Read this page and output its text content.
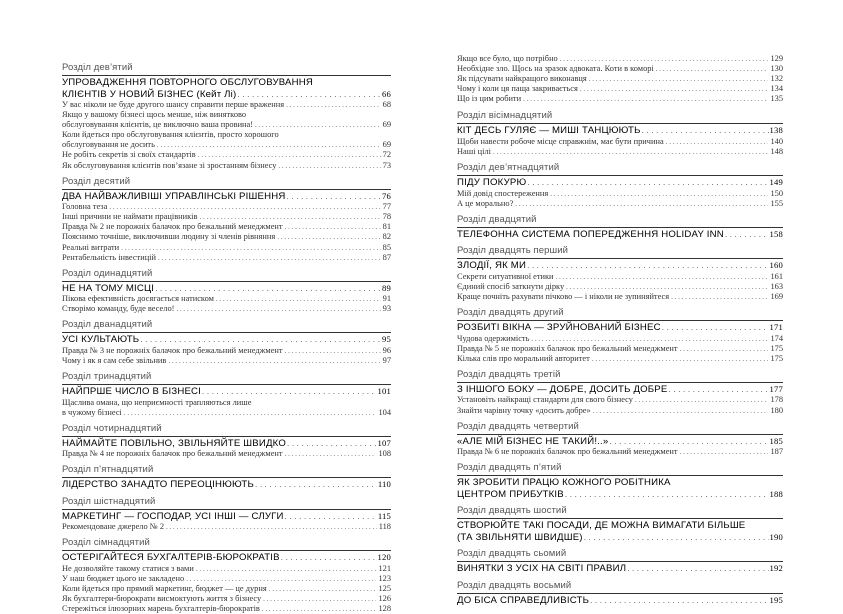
Розділ дев’ятий
УПРОВАДЖЕННЯ ПОВТОРНОГО ОБСЛУГОВУВАННЯ
КЛІЄНТІВ У НОВИЙ БІЗНЕС (Кейт Лі) . . .	66
У вас ніколи не буде другого шансу справити перше враження . . .	68
Якщо у вашому бізнесі щось менше, ніж винятково
обслуговування клієнтів, це виключно ваша провина! . . .	69
Коли йдеться про обслуговування клієнтів, просто хорошого
обслуговування не досить . . .	69
Не робіть секретів зі своїх стандартів . . .	72
Як обслуговування клієнтів пов’язане зі зростанням бізнесу . . .	73
Розділ десятий
ДВА НАЙВАЖЛИВІШІ УПРАВЛІНСЬКІ РІШЕННЯ . . .	76
Головна теза . . .	77
Інші причини не наймати працівників . . .	78
Правда № 2 не порожніх балачок про бежальний менеджмент . . .	81
Пояснимо точніше, виключивши людину зі членів рівняння . . .	82
Реальні витрати . . .	85
Рентабельність інвестицій . . .	87
Розділ одинадцятий
НЕ НА ТОМУ МІСЦІ . . .	89
Пікова ефективність досягається натиском . . .	91
Створімо команду, буде весело! . . .	93
Розділ дванадцятий
УСІ КУЛЬТАЮТЬ . . .	95
Правда № 3 не порожніх балачок про бежальний менеджмент . . .	96
Чому і як я сам себе звільнив . . .	97
Розділ тринадцятий
НАЙПРШЕ ЧИСЛО В БІЗНЕСІ . . .	101
Щаслива омана, що неприємності трапляються лише
в чужому бізнесі . . .	104
Розділ чотирнадцятий
НАЙМАЙТЕ ПОВІЛЬНО, ЗВІЛЬНЯЙТЕ ШВИДКО . . .	107
Правда № 4 не порожніх балачок про бежальний менеджмент . . .	108
Розділ п’ятнадцятий
ЛІДЕРСТВО ЗАНАДТО ПЕРЕОЦІНЮЮТЬ . . .	110
Розділ шістнадцятий
МАРКЕТИНГ — ГОСПОДАР, УСІ ІНШІ — СЛУГИ . . .	115
Рекомендоване джерело № 2 . . .	118
Розділ сімнадцятий
ОСТЕРІГАЙТЕСЯ БУХГАЛТЕРІВ-БЮРОКРАТІВ . . .	120
Не дозволяйте такому статися з вами . . .	121
У наш бюджет цього не закладено . . .	123
Коли йдеться про прямий маркетинг, бюджет — це дурня . . .	125
Як бухгалтери-бюрократи висмоктують життя з бізнесу . . .	126
Стережіться ілюзорних марень бухгалтерів-бюрократів . . .	128
Якщо все було, що потрібно . . .	129
Необхідне зло. Щось на зразок адвоката. Коти в коморі . . .	130
Як підсувати найкращого виконавця . . .	132
Чому і коли ця паща закривається . . .	134
Що із цим робити . . .	135
Розділ вісімнадцятий
КІТ ДЕСЬ ГУЛЯЄ — МИШІ ТАНЦЮЮТЬ . . .	138
Щоби навести робоче місце справжнім, має бути причина . . .	140
Наші цілі . . .	148
Розділ дев’ятнадцятий
ПІДУ ПОКУРЮ . . .	149
Мій довід спостереження . . .	150
А це морально? . . .	155
Розділ двадцятий
ТЕЛЕФОННА СИСТЕМА ПОПЕРЕДЖЕННЯ HOLIDAY INN . . .	158
Розділ двадцять перший
ЗЛОДІЇ, ЯК МИ . . .	160
Секрети ситуативної етики . . .	161
Єдиний спосіб заткнути дірку . . .	163
Краще почніть рахувати пічково — і ніколи не зупиняйтеся . . .	169
Розділ двадцять другий
РОЗБИТІ ВІКНА — ЗРУЙНОВАНИЙ БІЗНЕС . . .	171
Чудова одержимість . . .	174
Правда № 5 не порожніх балачок про бежальний менеджмент . . .	175
Кілька слів про моральний авторитет . . .	175
Розділ двадцять третій
З ІНШОГО БОКУ — ДОБРЕ, ДОСИТЬ ДОБРЕ . . .	177
Установіть найкращі стандарти для свого бізнесу . . .	178
Знайти чарівну точку «досить добре» . . .	180
Розділ двадцять четвертий
«АЛЕ МІЙ БІЗНЕС НЕ ТАКИЙ!..» . . .	185
Правда № 6 не порожніх балачок про бежальний менеджмент . . .	187
Розділ двадцять п’ятий
ЯК ЗРОБИТИ ПРАЦЮ КОЖНОГО РОБІТНИКА
ЦЕНТРОМ ПРИБУТКІВ . . .	188
Розділ двадцять шостий
СТВОРЮЙТЕ ТАКІ ПОСАДИ, ДЕ МОЖНА ВИМАГАТИ БІЛЬШЕ
(ТА ЗВІЛЬНЯТИ ШВИДШЕ) . . .	190
Розділ двадцять сьомий
ВИНЯТКИ З УСІХ НА СВІТІ ПРАВИЛ . . .	192
Розділ двадцять восьмий
ДО БІСА СПРАВЕДЛИВІСТЬ . . .	195
